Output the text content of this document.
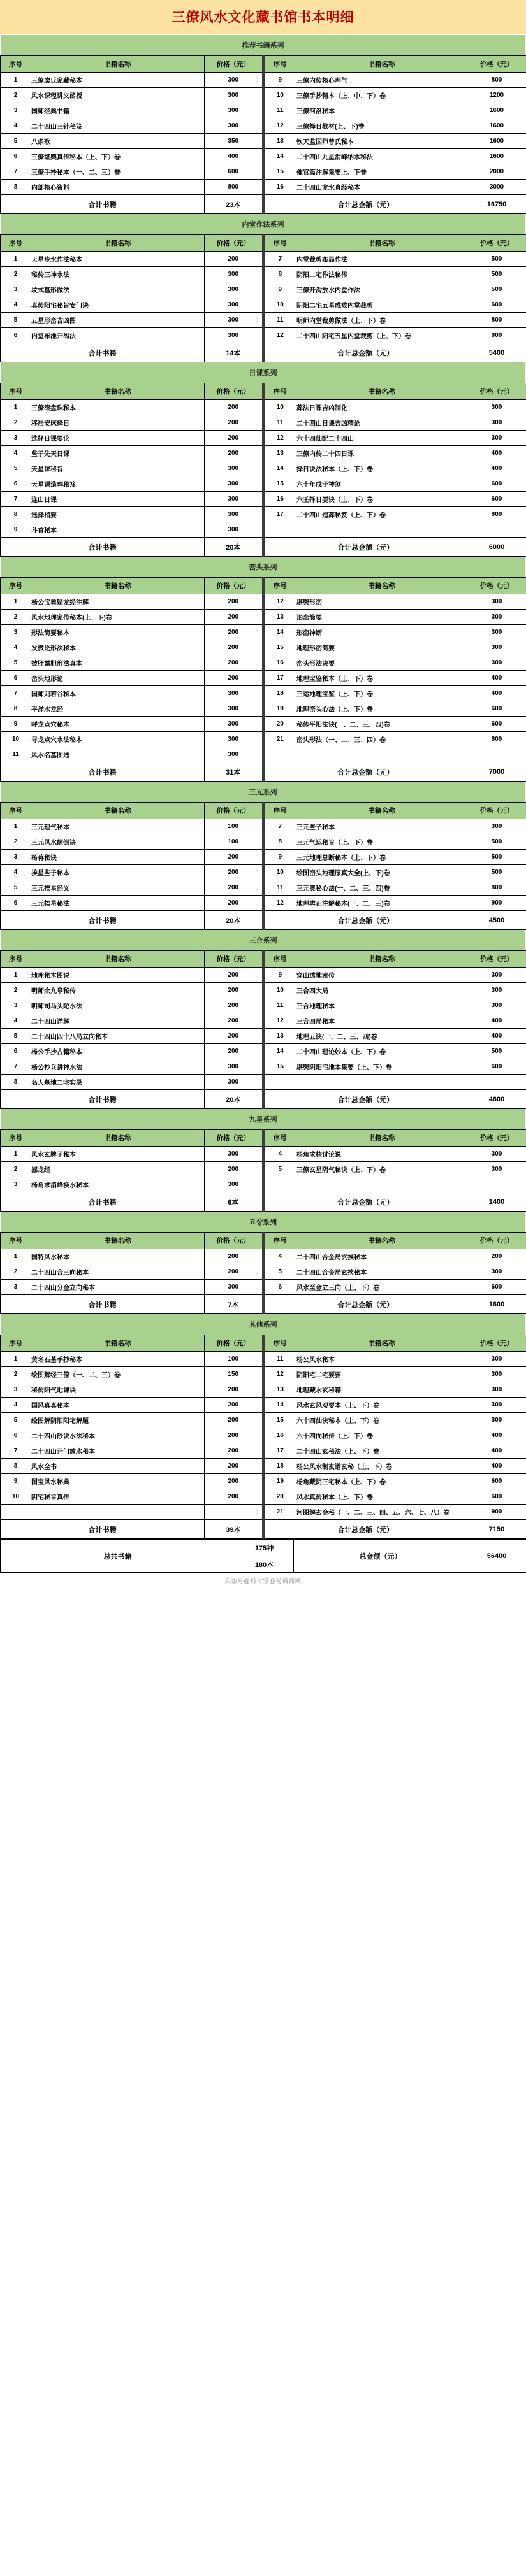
三僚风水文化藏书馆书本明细
推荐书籍系列
序号	书籍名称	价格（元）	序号	书籍名称	价格（元）
1	三僚廖氏家藏秘本	300	9	三僚内传核心理气	800
2	风水课程讲义函授	300	10	三僚手抄精本（上、中、下）卷	1200
3	国师经典书籍	300	11	三僚河洛秘本	1600
4	二十四山三针秘笈	300	12	三僚择日教材(上、下)卷	1600
5	八条歌	350	13	钦天监国师曾氏秘本	1600
6	三僚堪舆真传秘本（上、下）卷	400	14	二十四山九星消峰纳水秘法	1600
7	三僚手抄秘本（一、二、三）卷	600	15	催官篇注解集要上、下卷	2000
8	内部核心资料	800	16	二十四山龙水真经秘本	3000
合计书籍		23本	合计总金额（元）		16750
内堂作法系列
序号	书籍名称	价格（元）	序号	书籍名称	价格（元）
1	天星步水作法秘本	200	7	内堂裁剪布局作法	500
2	秘传三神水法	300	8	阴阳二宅作法秘传	500
3	坟式墓形做法	300	9	三僚开沟放水内堂作法	500
4	真传阳宅秘旨安门诀	300	10	阴阳二宅五星成败内堂裁剪	600
5	五星形峦吉凶图	300	11	明师内堂裁剪做法（上、下）卷	800
6	内堂布池开沟法	300	12	二十四山阳宅五星内堂裁剪（上、下）卷	800
合计书籍		14本	合计总金额（元）		5400
日课系列
序号	书籍名称	价格（元）	序号	书籍名称	价格（元）
1	三僚滚盘珠秘本	200	10	葬法日课吉凶制化	300
2	移居安床择日	200	11	二十四山日课吉凶精论	300
3	选择日课要论	200	12	六十四仙配二十四山	300
4	些子先天日课	200	13	三僚内传二十四日课	400
5	天星课秘旨	300	14	择日诀法秘本（上、下）卷	400
6	天星课造葬秘笈	300	15	六十年戊子神煞	600
7	连山日课	300	16	六壬择日要诀（上、下）卷	600
8	选择指要	300	17	二十四山造葬秘笈（上、下）卷	800
9	斗首秘本	300			
合计书籍		20本	合计总金额（元）		6000
峦头系列
序号	书籍名称	价格（元）	序号	书籍名称	价格（元）
1	杨公宝典疑龙经注解	200	12	堪舆形峦	300
2	风水地理家传秘本(上、下)卷	200	13	形峦简要	300
3	形法简要秘本	200	14	形峦神断	300
4	发微论形法秘本	200	15	地理形峦简要	300
5	披肝露胆形法真本	200	16	峦头形法诀要	300
6	峦头地形论	200	17	地理宝鉴秘本（上、下）卷	400
7	国师刘若谷秘本	300	18	三运地理宝鉴（上、下）卷	400
8	平洋水龙经	300	19	地理峦头心法（上、下）卷	600
9	呼龙点穴秘本	300	20	秘传平阳法诀(一、二、三、四)卷	600
10	寻龙点穴水法秘本	300	21	峦头形法（一、二、三、四）卷	800
11	风水名墓图选	300			
合计书籍		31本	合计总金额（元）		7000
三元系列
序号	书籍名称	价格（元）	序号	书籍名称	价格（元）
1	三元理气秘本	100	7	三元些子秘本	300
2	三元风水颠倒诀	100	8	三元气运秘旨（上、下）卷	500
3	杨蒋秘诀	200	9	三元地理总断秘本（上、下）卷	500
4	挨星些子秘本	200	10	绘图峦头地理原真大全(上、下)卷	500
5	三元挨星经义	200	11	三元奥秘心法(一、二、三、四)卷	800
6	三元挨星秘法	200	12	地理辨正注解秘本(一、二、三)卷	900
合计书籍		20本	合计总金额（元）		4500
三合系列
序号	书籍名称	价格（元）	序号	书籍名称	价格（元）
1	地理秘本图说	200	9	穿山透地密传	300
2	明师余九皋秘传	200	10	三合四大局	300
3	明师司马头陀水法	200	11	三合地理秘本	300
4	二十四山详解	200	12	三合四局秘本	400
5	二十四山四十八局立向秘本	200	13	地理五诀(一、二、三、四)卷	400
6	杨公手抄古籍秘本	200	14	二十四山理论妙本（上、下）卷	500
7	杨公抄兵讲神水法	300	15	堪舆阴阳宅地本集要（上、下）卷	600
8	名人墓地二宅实录	300			
合计书籍		20本	合计总金额（元）		4600
九星系列
序号	书籍名称	价格（元）	序号	书籍名称	价格（元）
1	风水玄牌子秘本	300	4	杨角求核讨论说	300
2	撼龙经	200	5	三僚玄星阴气秘诀（上、下）卷	300
3	杨角求消峰换水秘本	300			
合计书籍		6本	合计总金额（元）		1400
묘상系列
序号	书籍名称	价格（元）	序号	书籍名称	价格（元）
1	国特风水秘本	200	4	二十四山合金局玄挨秘本	200
2	二十四山合三向秘本	200	5	二十四山合金局玄挨秘本	300
3	二十四山分金立向秘本	300	6	风水至金立三向（上、下）卷	600
合计书籍		7本	合计总金额（元）		1600
其他系列
序号	书籍名称	价格（元）	序号	书籍名称	价格（元）
1	黄名石墓手抄秘本	100	11	杨公风水秘本	300
2	绘图解经三僚（一、二、三）卷	150	12	阴阳宅二宅要要	300
3	秘传阳气地课诀	200	13	地理藏水玄秘籍	300
4	国风真真秘本	200	14	风水玄风观要本（上、下）卷	300
5	绘图解阴阳阳宅解题	200	15	六十四仙诀秘本（上、下）卷	300
6	二十四山砂诀水法秘本	200	16	六十四向秘传（上、下）卷	400
7	二十四山开门放水秘本	200	17	二十四山玄秘法（上、下）卷	400
8	风水全书	200	18	杨公风水制玄谱玄秘（上、下）卷	400
9	图宝风水秘典	200	19	杨角藏阴三宅秘本（上、下）卷	600
10	阴宅秘旨真传	200	20	风水真传秘本（上、下）卷	600
			21	河图解玄金秘（一、二、三、四、五、六、七、八）卷	900
合计书籍		39本	合计总金额（元）		7150
总共书籍	175种	总金额（元）	56400
180本
头条号@科付堂@易诚商网
